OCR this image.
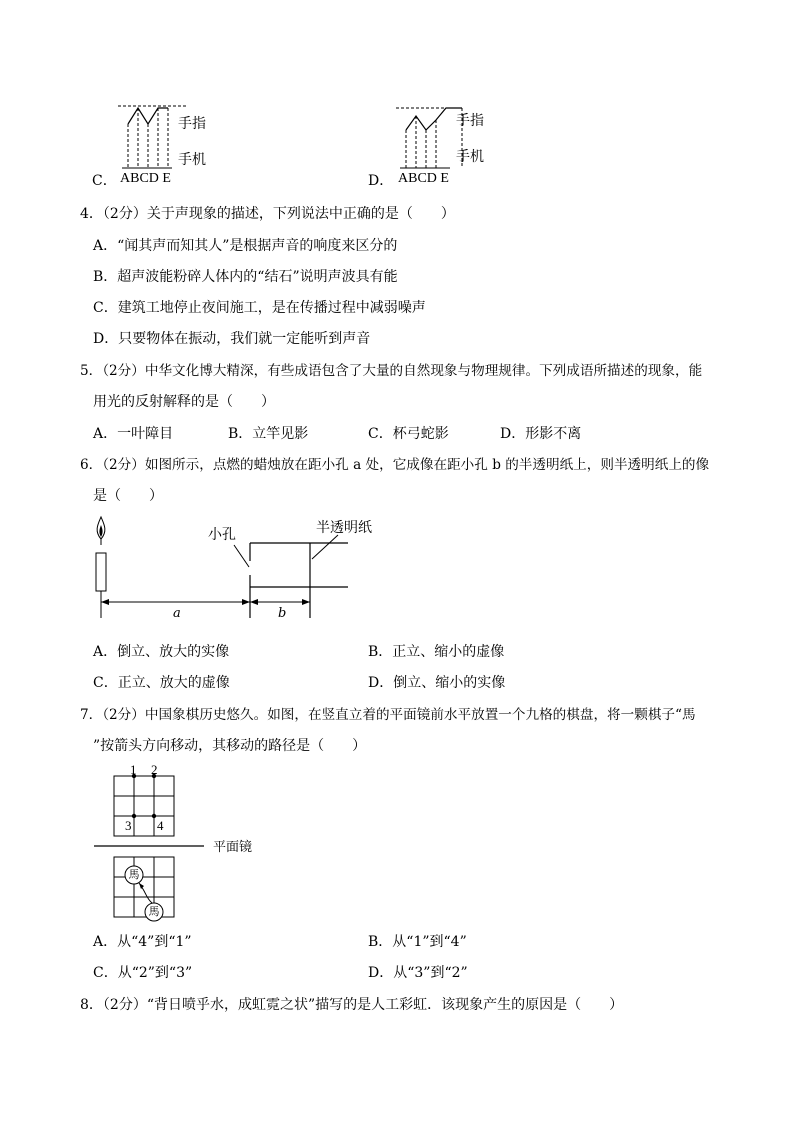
手指
手机
C． ABCD E
手指
手机
D． ABCD E
4．（2分）关于声现象的描述，下列说法中正确的是（　　）
A．“闻其声而知其人”是根据声音的响度来区分的
B．超声波能粉碎人体内的“结石”说明声波具有能
C．建筑工地停止夜间施工，是在传播过程中减弱噪声
D．只要物体在振动，我们就一定能听到声音
5．（2分）中华文化博大精深，有些成语包含了大量的自然现象与物理规律。下列成语所描述的现象，能
用光的反射解释的是（　　）
A．一叶障目	B．立竿见影	C．杯弓蛇影	D．形影不离
6．（2分）如图所示，点燃的蜡烛放在距小孔 a 处，它成像在距小孔 b 的半透明纸上，则半透明纸上的像
是（　　）
小孔	半透明纸
a	b
A．倒立、放大的实像	B．正立、缩小的虚像
C．正立、放大的虚像	D．倒立、缩小的实像
7．（2分）中国象棋历史悠久。如图，在竖直立着的平面镜前水平放置一个九格的棋盘，将一颗棋子“馬
”按箭头方向移动，其移动的路径是（　　）
1 2
3 4
平面镜
馬
馬
A．从“4”到“1”	B．从“1”到“4”
C．从“2”到“3”	D．从“3”到“2”
8．（2分）“背日喷乎水，成虹霓之状”描写的是人工彩虹．该现象产生的原因是（　　）
